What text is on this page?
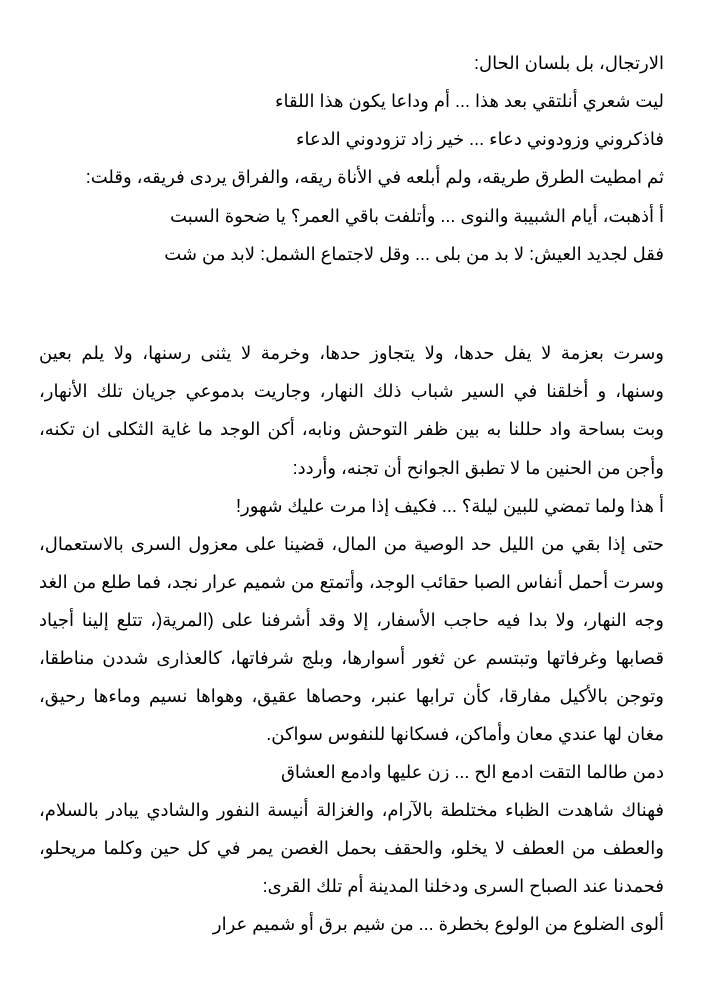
الارتجال، بل بلسان الحال:
ليت شعري أنلتقي بعد هذا ... أم وداعا يكون هذا اللقاء
فاذكروني وزودوني دعاء ... خير زاد تزودوني الدعاء
ثم امطيت الطرق طريقه، ولم أبلعه في الأناة ريقه، والفراق يردى فريقه، وقلت:
أ أذهبت، أيام الشبيبة والنوى ... وأتلفت باقي العمر؟ يا ضحوة السبت
فقل لجديد العيش: لا بد من بلى ... وقل لاجتماع الشمل: لابد من شت
وسرت بعزمة لا يفل حدها، ولا يتجاوز حدها، وخرمة لا يثنى رسنها، ولا يلم بعين
وسنها، و أخلقنا في السير شباب ذلك النهار، وجاريت بدموعي جريان تلك الأنهار،
وبت بساحة واد حللنا به بين ظفر التوحش ونابه، أكن الوجد ما غاية الثكلى ان تكنه،
وأجن من الحنين ما لا تطبق الجوانح أن تجنه، وأردد:
أ هذا ولما تمضي للبين ليلة؟ ... فكيف إذا مرت عليك شهور!
حتى إذا بقي من الليل حد الوصية من المال، قضينا على معزول السرى بالاستعمال،
وسرت أحمل أنفاس الصبا حقائب الوجد، وأتمتع من شميم عرار نجد، فما طلع من الغد
وجه النهار، ولا بدا فيه حاجب الأسفار، إلا وقد أشرفنا على (المرية(، تتلع إلينا أجياد
قصابها وغرفاتها وتبتسم عن ثغور أسوارها، وبلج شرفاتها، كالعذارى شددن مناطقا،
وتوجن بالأكيل مفارقا، كأن ترابها عنبر، وحصاها عقيق، وهواها نسيم وماءها رحيق،
مغان لها عندي معان وأماكن، فسكانها للنفوس سواكن.
دمن طالما التقت ادمع الح ... زن عليها وادمع العشاق
فهناك شاهدت الظباء مختلطة بالآرام، والغزالة أنيسة النفور والشادي يبادر بالسلام،
والعطف من العطف لا يخلو، والحقف بحمل الغصن يمر في كل حين وكلما مريحلو،
فحمدنا عند الصباح السرى ودخلنا المدينة أم تلك القرى:
ألوى الضلوع من الولوع بخطرة ... من شيم برق أو شميم عرار
